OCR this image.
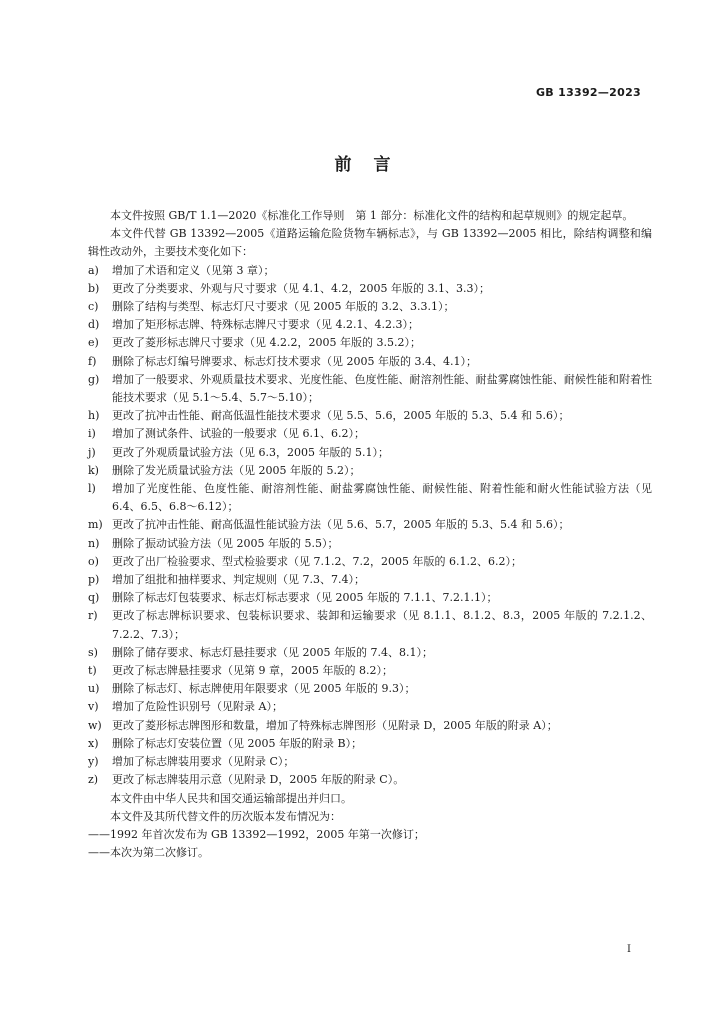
GB 13392—2023
前言

本文件按照 GB/T 1.1—2020《标准化工作导则　第 1 部分：标准化文件的结构和起草规则》的规定起草。

本文件代替 GB 13392—2005《道路运输危险货物车辆标志》，与 GB 13392—2005 相比，除结构调整和编辑性改动外，主要技术变化如下：

a)	增加了术语和定义（见第 3 章）；
b)	更改了分类要求、外观与尺寸要求（见 4.1、4.2，2005 年版的 3.1、3.3）；
c)	删除了结构与类型、标志灯尺寸要求（见 2005 年版的 3.2、3.3.1）；
d)	增加了矩形标志牌、特殊标志牌尺寸要求（见 4.2.1、4.2.3）；
e)	更改了菱形标志牌尺寸要求（见 4.2.2，2005 年版的 3.5.2）；
f)	删除了标志灯编号牌要求、标志灯技术要求（见 2005 年版的 3.4、4.1）；
g)	增加了一般要求、外观质量技术要求、光度性能、色度性能、耐溶剂性能、耐盐雾腐蚀性能、耐候性能和附着性能技术要求（见 5.1～5.4、5.7～5.10）；
h)	更改了抗冲击性能、耐高低温性能技术要求（见 5.5、5.6，2005 年版的 5.3、5.4 和 5.6）；
i)	增加了测试条件、试验的一般要求（见 6.1、6.2）；
j)	更改了外观质量试验方法（见 6.3，2005 年版的 5.1）；
k)	删除了发光质量试验方法（见 2005 年版的 5.2）；
l)	增加了光度性能、色度性能、耐溶剂性能、耐盐雾腐蚀性能、耐候性能、附着性能和耐火性能试验方法（见 6.4、6.5、6.8～6.12）；
m) 更改了抗冲击性能、耐高低温性能试验方法（见 5.6、5.7，2005 年版的 5.3、5.4 和 5.6）；
n)	删除了振动试验方法（见 2005 年版的 5.5）；
o)	更改了出厂检验要求、型式检验要求（见 7.1.2、7.2，2005 年版的 6.1.2、6.2）；
p)	增加了组批和抽样要求、判定规则（见 7.3、7.4）；
q)	删除了标志灯包装要求、标志灯标志要求（见 2005 年版的 7.1.1、7.2.1.1）；
r)	更改了标志牌标识要求、包装标识要求、装卸和运输要求（见 8.1.1、8.1.2、8.3，2005 年版的 7.2.1.2、7.2.2、7.3）；
s)	删除了储存要求、标志灯悬挂要求（见 2005 年版的 7.4、8.1）；
t)	更改了标志牌悬挂要求（见第 9 章，2005 年版的 8.2）；
u)	删除了标志灯、标志牌使用年限要求（见 2005 年版的 9.3）；
v)	增加了危险性识别号（见附录 A）；
w) 更改了菱形标志牌图形和数量，增加了特殊标志牌图形（见附录 D，2005 年版的附录 A）；
x)	删除了标志灯安装位置（见 2005 年版的附录 B）；
y)	增加了标志牌装用要求（见附录 C）；
z)	更改了标志牌装用示意（见附录 D，2005 年版的附录 C）。

本文件由中华人民共和国交通运输部提出并归口。

本文件及其所代替文件的历次版本发布情况为：

——1992 年首次发布为 GB 13392—1992，2005 年第一次修订；

——本次为第二次修订。

I
